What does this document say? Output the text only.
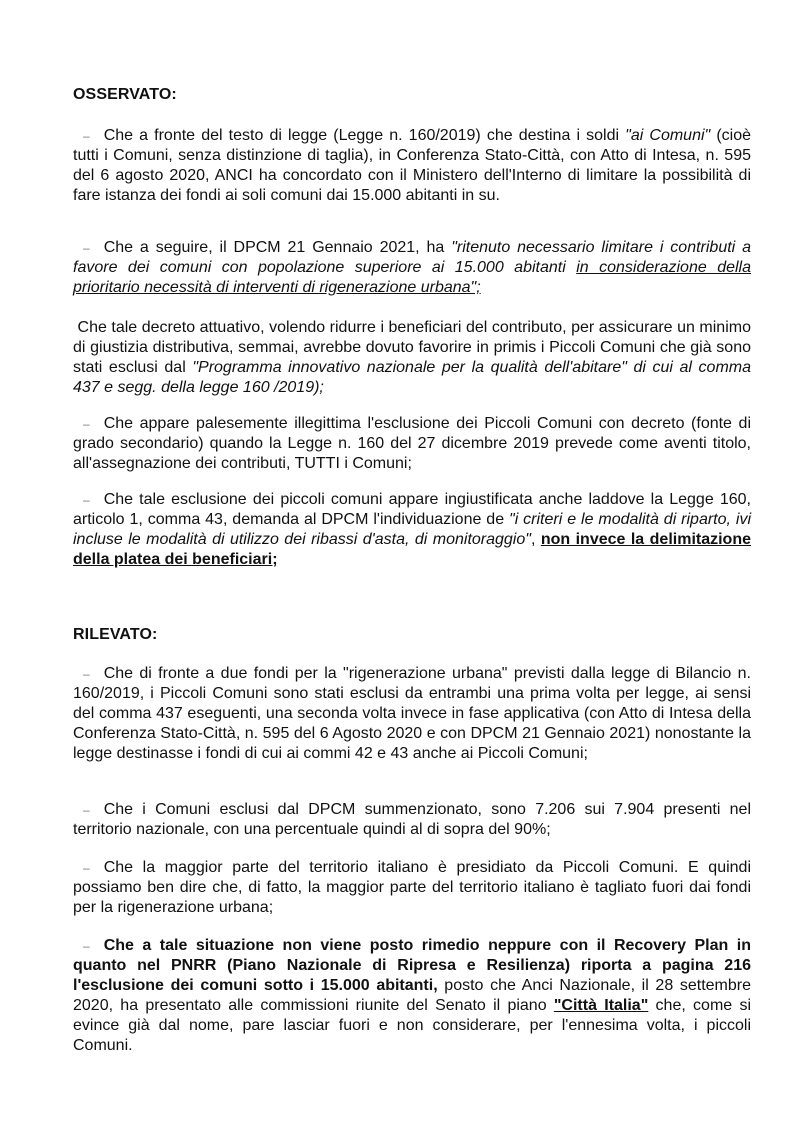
OSSERVATO:

– Che a fronte del testo di legge (Legge n. 160/2019) che destina i soldi "ai Comuni" (cioè tutti i Comuni, senza distinzione di taglia), in Conferenza Stato-Città, con Atto di Intesa, n. 595 del 6 agosto 2020, ANCI ha concordato con il Ministero dell'Interno di limitare la possibilità di fare istanza dei fondi ai soli comuni dai 15.000 abitanti in su.

– Che a seguire, il DPCM 21 Gennaio 2021, ha "ritenuto necessario limitare i contributi a favore dei comuni con popolazione superiore ai 15.000 abitanti in considerazione della prioritario necessità di interventi di rigenerazione urbana";

Che tale decreto attuativo, volendo ridurre i beneficiari del contributo, per assicurare un minimo di giustizia distributiva, semmai, avrebbe dovuto favorire in primis i Piccoli Comuni che già sono stati esclusi dal "Programma innovativo nazionale per la qualità dell'abitare" di cui al comma 437 e segg. della legge 160 /2019);

– Che appare palesemente illegittima l'esclusione dei Piccoli Comuni con decreto (fonte di grado secondario) quando la Legge n. 160 del 27 dicembre 2019 prevede come aventi titolo, all'assegnazione dei contributi, TUTTI i Comuni;

– Che tale esclusione dei piccoli comuni appare ingiustificata anche laddove la Legge 160, articolo 1, comma 43, demanda al DPCM l'individuazione de "i criteri e le modalità di riparto, ivi incluse le modalità di utilizzo dei ribassi d'asta, di monitoraggio", non invece la delimitazione della platea dei beneficiari;

RILEVATO:

– Che di fronte a due fondi per la "rigenerazione urbana" previsti dalla legge di Bilancio n. 160/2019, i Piccoli Comuni sono stati esclusi da entrambi una prima volta per legge, ai sensi del comma 437 eseguenti, una seconda volta invece in fase applicativa (con Atto di Intesa della Conferenza Stato-Città, n. 595 del 6 Agosto 2020 e con DPCM 21 Gennaio 2021) nonostante la legge destinasse i fondi di cui ai commi 42 e 43 anche ai Piccoli Comuni;

– Che i Comuni esclusi dal DPCM summenzionato, sono 7.206 sui 7.904 presenti nel territorio nazionale, con una percentuale quindi al di sopra del 90%;

– Che la maggior parte del territorio italiano è presidiato da Piccoli Comuni. E quindi possiamo ben dire che, di fatto, la maggior parte del territorio italiano è tagliato fuori dai fondi per la rigenerazione urbana;

– Che a tale situazione non viene posto rimedio neppure con il Recovery Plan in quanto nel PNRR (Piano Nazionale di Ripresa e Resilienza) riporta a pagina 216 l'esclusione dei comuni sotto i 15.000 abitanti, posto che Anci Nazionale, il 28 settembre 2020, ha presentato alle commissioni riunite del Senato il piano "Città Italia" che, come si evince già dal nome, pare lasciar fuori e non considerare, per l'ennesima volta, i piccoli Comuni.
